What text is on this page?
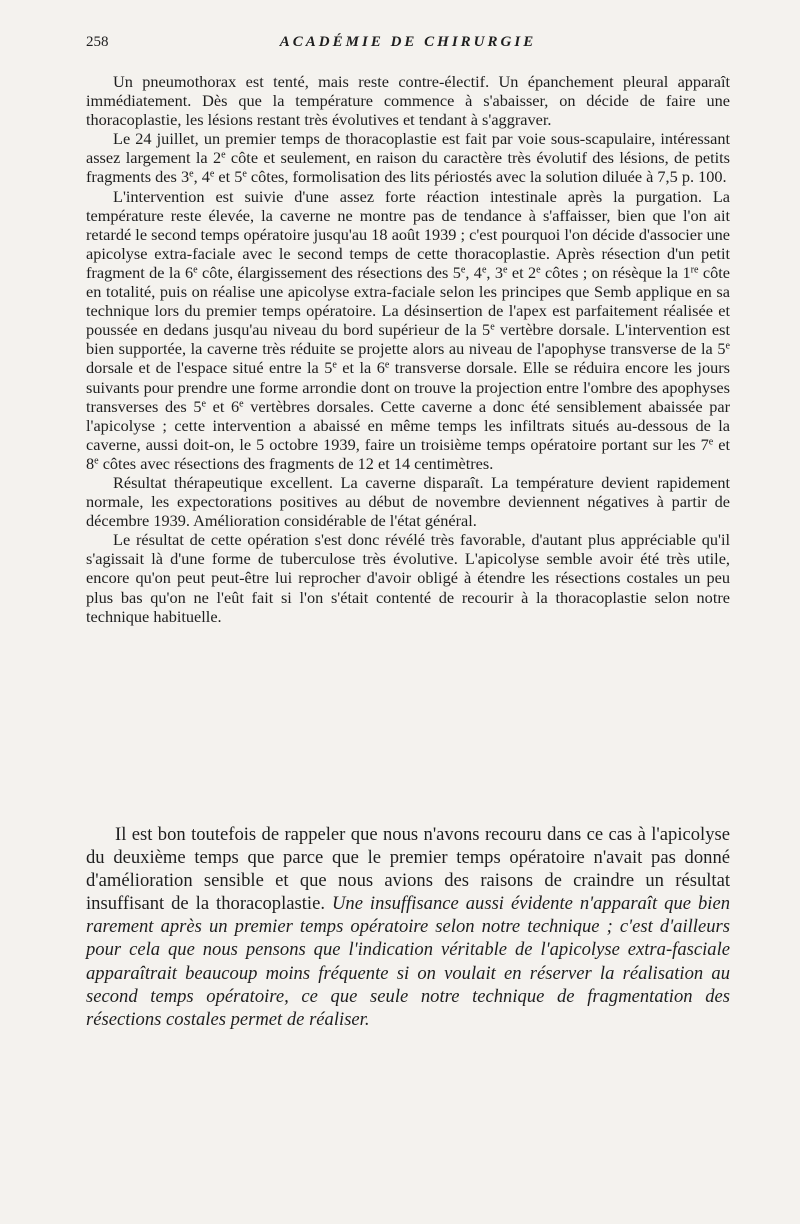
258	ACADÉMIE DE CHIRURGIE

Un pneumothorax est tenté, mais reste contre-électif. Un épanchement pleural apparaît immédiatement. Dès que la température commence à s'abaisser, on décide de faire une thoracoplastie, les lésions restant très évolutives et tendant à s'aggraver.

Le 24 juillet, un premier temps de thoracoplastie est fait par voie sous-scapulaire, intéressant assez largement la 2e côte et seulement, en raison du caractère très évolutif des lésions, de petits fragments des 3e, 4e et 5e côtes, formolisation des lits périostés avec la solution diluée à 7,5 p. 100.

L'intervention est suivie d'une assez forte réaction intestinale après la purgation. La température reste élevée, la caverne ne montre pas de tendance à s'affaisser, bien que l'on ait retardé le second temps opératoire jusqu'au 18 août 1939 ; c'est pourquoi l'on décide d'associer une apicolyse extra-faciale avec le second temps de cette thoracoplastie. Après résection d'un petit fragment de la 6e côte, élargissement des résections des 5e, 4e, 3e et 2e côtes ; on résèque la 1re côte en totalité, puis on réalise une apicolyse extra-faciale selon les principes que Semb applique en sa technique lors du premier temps opératoire. La désinsertion de l'apex est parfaitement réalisée et poussée en dedans jusqu'au niveau du bord supérieur de la 5e vertèbre dorsale. L'intervention est bien supportée, la caverne très réduite se projette alors au niveau de l'apophyse transverse de la 5e dorsale et de l'espace situé entre la 5e et la 6e transverse dorsale. Elle se réduira encore les jours suivants pour prendre une forme arrondie dont on trouve la projection entre l'ombre des apophyses transverses des 5e et 6e vertèbres dorsales. Cette caverne a donc été sensiblement abaissée par l'apicolyse ; cette intervention a abaissé en même temps les infiltrats situés au-dessous de la caverne, aussi doit-on, le 5 octobre 1939, faire un troisième temps opératoire portant sur les 7e et 8e côtes avec résections des fragments de 12 et 14 centimètres.

Résultat thérapeutique excellent. La caverne disparaît. La température devient rapidement normale, les expectorations positives au début de novembre deviennent négatives à partir de décembre 1939. Amélioration considérable de l'état général.

Le résultat de cette opération s'est donc révélé très favorable, d'autant plus appréciable qu'il s'agissait là d'une forme de tuberculose très évolutive. L'apicolyse semble avoir été très utile, encore qu'on peut peut-être lui reprocher d'avoir obligé à étendre les résections costales un peu plus bas qu'on ne l'eût fait si l'on s'était contenté de recourir à la thoracoplastie selon notre technique habituelle.

Il est bon toutefois de rappeler que nous n'avons recouru dans ce cas à l'apicolyse du deuxième temps que parce que le premier temps opératoire n'avait pas donné d'amélioration sensible et que nous avions des raisons de craindre un résultat insuffisant de la thoracoplastie. Une insuffisance aussi évidente n'apparaît que bien rarement après un premier temps opératoire selon notre technique ; c'est d'ailleurs pour cela que nous pensons que l'indication véritable de l'apicolyse extra-fasciale apparaîtrait beaucoup moins fréquente si on voulait en réserver la réalisation au second temps opératoire, ce que seule notre technique de fragmentation des résections costales permet de réaliser.
